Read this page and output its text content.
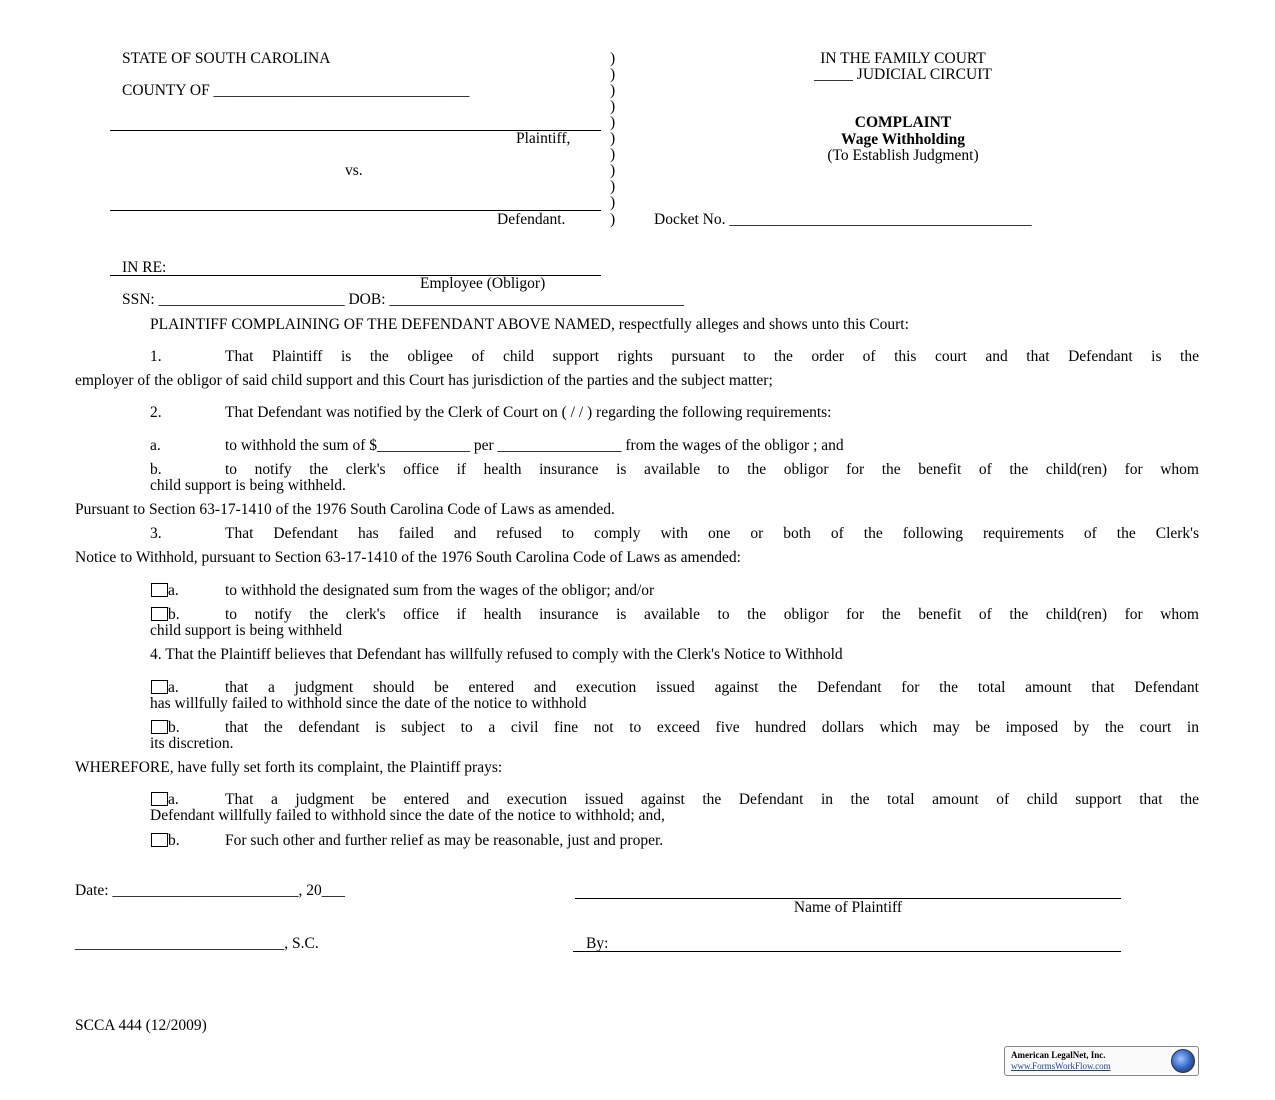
STATE OF SOUTH CAROLINA
COUNTY OF _________________________________
Plaintiff,
vs.
Defendant.
)
)
)
)
)
)
)
)
)
)
)
IN THE FAMILY COURT
_____ JUDICIAL CIRCUIT
COMPLAINT
Wage Withholding
(To Establish Judgment)
Docket No. _______________________________________
IN RE:
Employee (Obligor)
SSN: ________________________ DOB: ______________________________________
PLAINTIFF COMPLAINING OF THE DEFENDANT ABOVE NAMED, respectfully alleges and shows unto this Court:
1.	That Plaintiff is the obligee of child support rights pursuant to the order of this court and that Defendant is the
employer of the obligor of said child support and this Court has jurisdiction of the parties and the subject matter;
2.	That Defendant was notified by the Clerk of Court on ( / / ) regarding the following requirements:
a.	to withhold the sum of $____________ per ________________ from the wages of the obligor ; and
b.	to notify the clerk's office if health insurance is available to the obligor for the benefit of the child(ren) for whom
child support is being withheld.
Pursuant to Section 63-17-1410 of the 1976 South Carolina Code of Laws as amended.
3.	That Defendant has failed and refused to comply with one or both of the following requirements of the Clerk's
Notice to Withhold, pursuant to Section 63-17-1410 of the 1976 South Carolina Code of Laws as amended:
a.	to withhold the designated sum from the wages of the obligor; and/or
b.	to notify the clerk's office if health insurance is available to the obligor for the benefit of the child(ren) for whom
child support is being withheld
4. That the Plaintiff believes that Defendant has willfully refused to comply with the Clerk's Notice to Withhold
a.	that a judgment should be entered and execution issued against the Defendant for the total amount that Defendant
has willfully failed to withhold since the date of the notice to withhold
b.	that the defendant is subject to a civil fine not to exceed five hundred dollars which may be imposed by the court in
its discretion.
WHEREFORE, have fully set forth its complaint, the Plaintiff prays:
a.	That a judgment be entered and execution issued against the Defendant in the total amount of child support that the
Defendant willfully failed to withhold since the date of the notice to withhold; and,
b.	For such other and further relief as may be reasonable, just and proper.
Date: ________________________, 20___
Name of Plaintiff
___________________________, S.C.	By:
SCCA 444 (12/2009)
American LegalNet, Inc.
www.FormsWorkFlow.com
